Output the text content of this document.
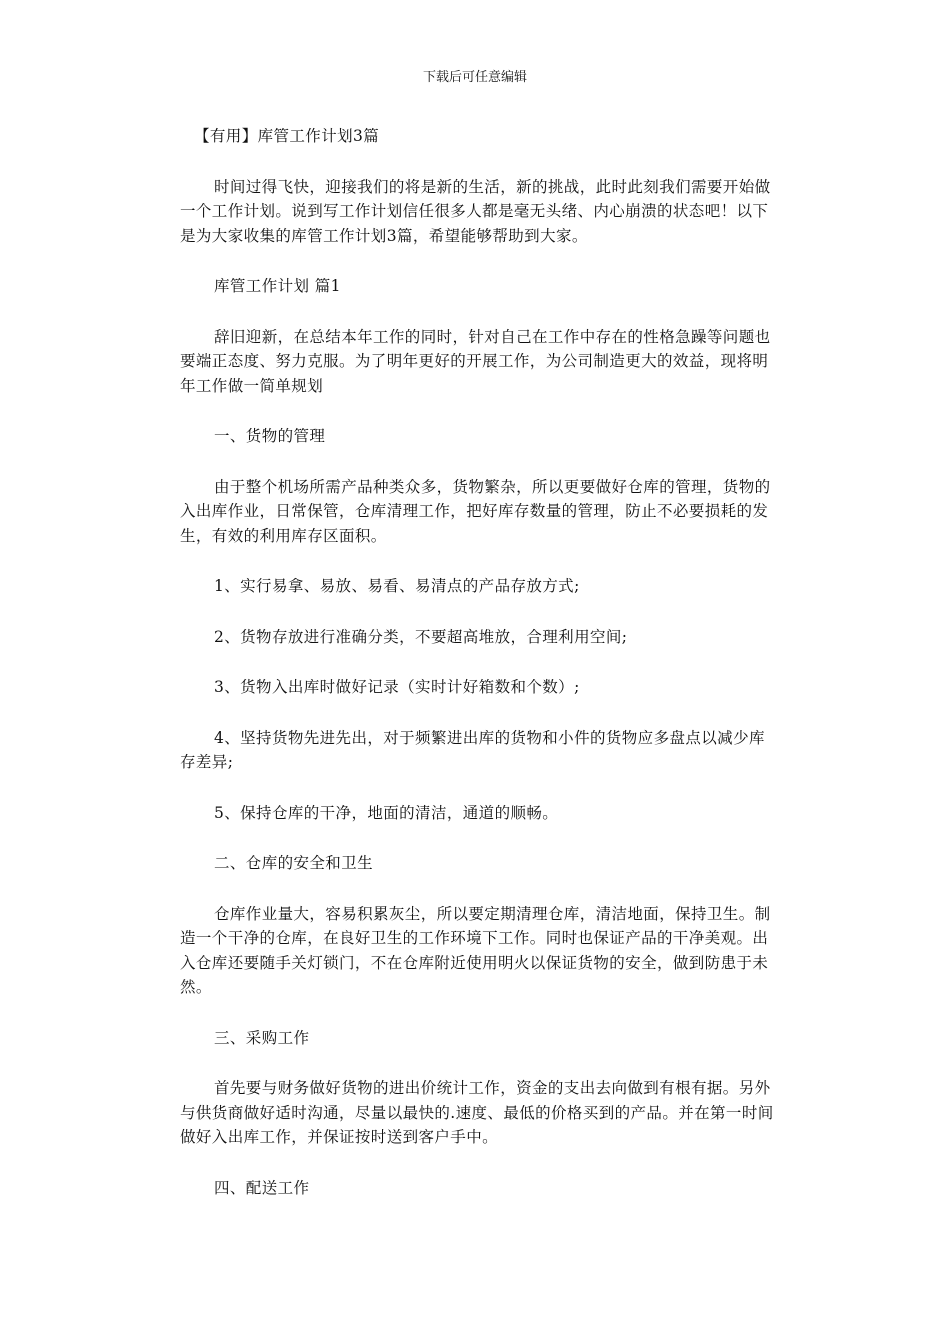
下载后可任意编辑

【有用】库管工作计划3篇

时间过得飞快，迎接我们的将是新的生活，新的挑战，此时此刻我们需要开始做一个工作计划。说到写工作计划信任很多人都是毫无头绪、内心崩溃的状态吧！以下是为大家收集的库管工作计划3篇，希望能够帮助到大家。

库管工作计划 篇1

辞旧迎新，在总结本年工作的同时，针对自己在工作中存在的性格急躁等问题也要端正态度、努力克服。为了明年更好的开展工作，为公司制造更大的效益，现将明年工作做一简单规划

一、货物的管理

由于整个机场所需产品种类众多，货物繁杂，所以更要做好仓库的管理，货物的入出库作业，日常保管，仓库清理工作，把好库存数量的管理，防止不必要损耗的发生，有效的利用库存区面积。

1、实行易拿、易放、易看、易清点的产品存放方式;

2、货物存放进行准确分类，不要超高堆放，合理利用空间;

3、货物入出库时做好记录（实时计好箱数和个数）;

4、坚持货物先进先出，对于频繁进出库的货物和小件的货物应多盘点以减少库存差异;

5、保持仓库的干净，地面的清洁，通道的顺畅。

二、仓库的安全和卫生

仓库作业量大，容易积累灰尘，所以要定期清理仓库，清洁地面，保持卫生。制造一个干净的仓库，在良好卫生的工作环境下工作。同时也保证产品的干净美观。出入仓库还要随手关灯锁门，不在仓库附近使用明火以保证货物的安全，做到防患于未然。

三、采购工作

首先要与财务做好货物的进出价统计工作，资金的支出去向做到有根有据。另外与供货商做好适时沟通，尽量以最快的.速度、最低的价格买到的产品。并在第一时间做好入出库工作，并保证按时送到客户手中。

四、配送工作
